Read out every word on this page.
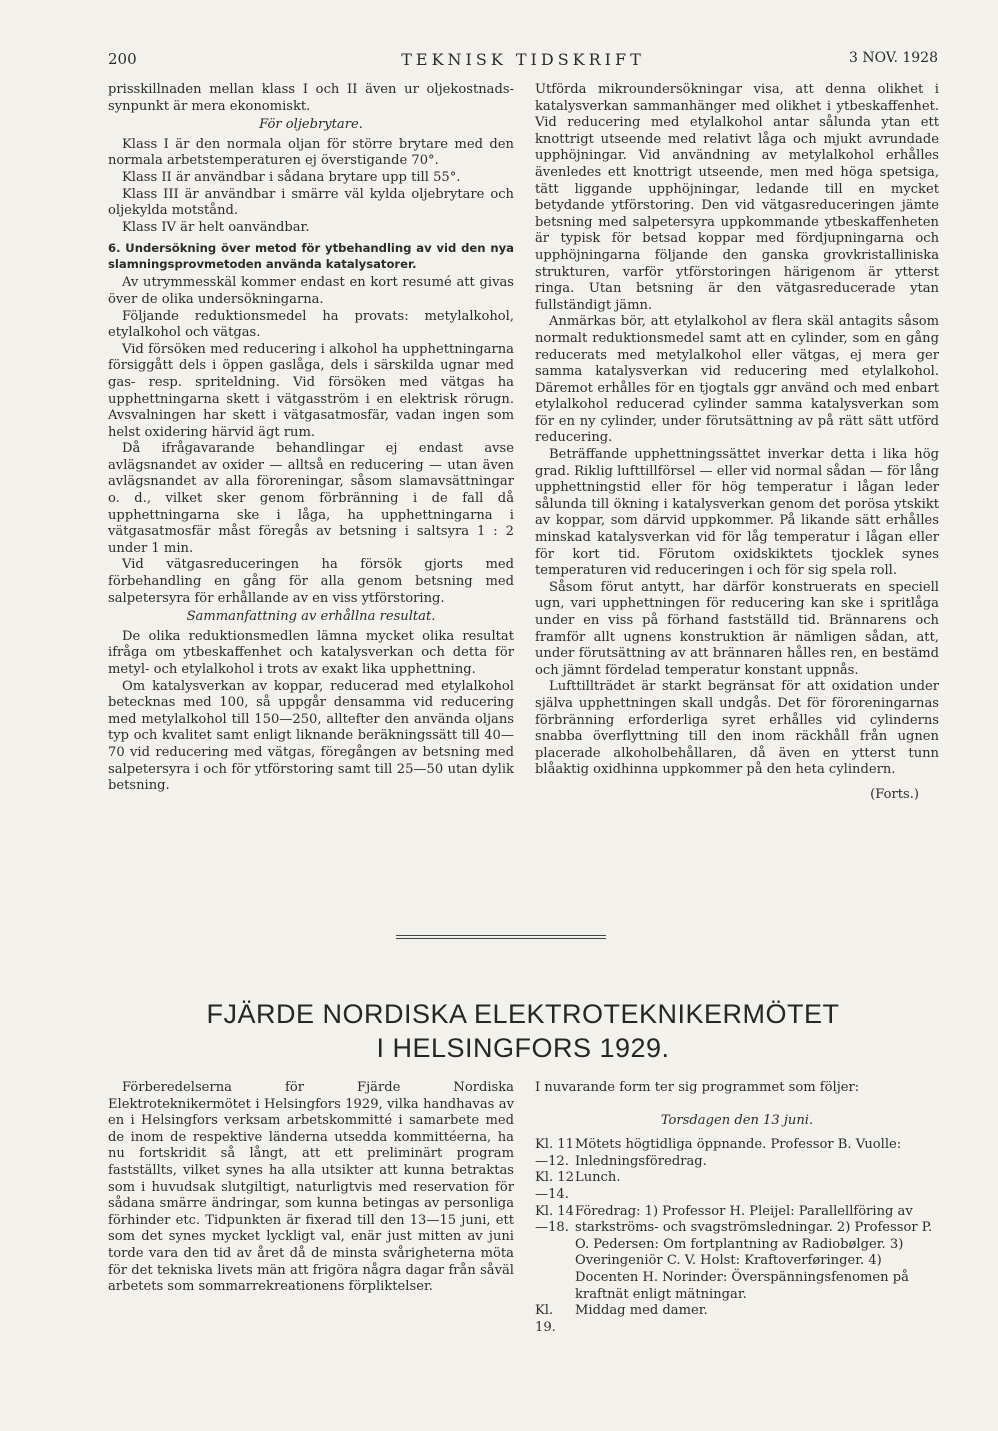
200	TEKNISK TIDSKRIFT	3 NOV. 1928

prisskillnaden mellan klass I och II även ur oljekostnads-synpunkt är mera ekonomiskt.

För oljebrytare.

Klass I är den normala oljan för större brytare med den normala arbetstemperaturen ej överstigande 70°.

Klass II är användbar i sådana brytare upp till 55°.

Klass III är användbar i smärre väl kylda oljebrytare och oljekylda motstånd.

Klass IV är helt oanvändbar.

6. Undersökning över metod för ytbehandling av vid den nya slamningsprovmetoden använda katalysatorer.

Av utrymmesskäl kommer endast en kort resumé att givas över de olika undersökningarna.

Följande reduktionsmedel ha provats: metylalkohol, etylalkohol och vätgas.

Vid försöken med reducering i alkohol ha upphettningarna försiggått dels i öppen gaslåga, dels i särskilda ugnar med gas- resp. spriteldning. Vid försöken med vätgas ha upphettningarna skett i vätgasström i en elektrisk rörugn. Avsvalningen har skett i vätgasatmosfär, vadan ingen som helst oxidering härvid ägt rum.

Då ifrågavarande behandlingar ej endast avse avlägsnandet av oxider — alltså en reducering — utan även avlägsnandet av alla föroreningar, såsom slamavsättningar o. d., vilket sker genom förbränning i de fall då upphettningarna ske i låga, ha upphettningarna i vätgasatmosfär måst föregås av betsning i saltsyra 1 : 2 under 1 min.

Vid vätgasreduceringen ha försök gjorts med förbehandling en gång för alla genom betsning med salpetersyra för erhållande av en viss ytförstoring.

Sammanfattning av erhållna resultat.

De olika reduktionsmedlen lämna mycket olika resultat ifråga om ytbeskaffenhet och katalysverkan och detta för metyl- och etylalkohol i trots av exakt lika upphettning.

Om katalysverkan av koppar, reducerad med etylalkohol betecknas med 100, så uppgår densamma vid reducering med metylalkohol till 150—250, alltefter den använda oljans typ och kvalitet samt enligt liknande beräkningssätt till 40—70 vid reducering med vätgas, föregången av betsning med salpetersyra i och för ytförstoring samt till 25—50 utan dylik betsning.

Utförda mikroundersökningar visa, att denna olikhet i katalysverkan sammanhänger med olikhet i ytbeskaffenhet. Vid reducering med etylalkohol antar sålunda ytan ett knottrigt utseende med relativt låga och mjukt avrundade upphöjningar. Vid användning av metylalkohol erhålles ävenledes ett knottrigt utseende, men med höga spetsiga, tätt liggande upphöjningar, ledande till en mycket betydande ytförstoring. Den vid vätgasreduceringen jämte betsning med salpetersyra uppkommande ytbeskaffenheten är typisk för betsad koppar med fördjupningarna och upphöjningarna följande den ganska grovkristalliniska strukturen, varför ytförstoringen härigenom är ytterst ringa. Utan betsning är den vätgasreducerade ytan fullständigt jämn.

Anmärkas bör, att etylalkohol av flera skäl antagits såsom normalt reduktionsmedel samt att en cylinder, som en gång reducerats med metylalkohol eller vätgas, ej mera ger samma katalysverkan vid reducering med etylalkohol. Däremot erhålles för en tjogtals ggr använd och med enbart etylalkohol reducerad cylinder samma katalysverkan som för en ny cylinder, under förutsättning av på rätt sätt utförd reducering.

Beträffande upphettningssättet inverkar detta i lika hög grad. Riklig lufttillförsel — eller vid normal sådan — för lång upphettningstid eller för hög temperatur i lågan leder sålunda till ökning i katalysverkan genom det porösa ytskikt av koppar, som därvid uppkommer. På likande sätt erhålles minskad katalysverkan vid för låg temperatur i lågan eller för kort tid. Förutom oxidskiktets tjocklek synes temperaturen vid reduceringen i och för sig spela roll.

Såsom förut antytt, har därför konstruerats en speciell ugn, vari upphettningen för reducering kan ske i spritlåga under en viss på förhand fastställd tid. Brännarens och framför allt ugnens konstruktion är nämligen sådan, att, under förutsättning av att brännaren hålles ren, en bestämd och jämnt fördelad temperatur konstant uppnås.

Lufttillträdet är starkt begränsat för att oxidation under själva upphettningen skall undgås. Det för föroreningarnas förbränning erforderliga syret erhålles vid cylinderns snabba överflyttning till den inom räckhåll från ugnen placerade alkoholbehållaren, då även en ytterst tunn blåaktig oxidhinna uppkommer på den heta cylindern.

(Forts.)

FJÄRDE NORDISKA ELEKTROTEKNIKERMÖTET
I HELSINGFORS 1929.

Förberedelserna för Fjärde Nordiska Elektroteknikermötet i Helsingfors 1929, vilka handhavas av en i Helsingfors verksam arbetskommitté i samarbete med de inom de respektive länderna utsedda kommittéerna, ha nu fortskridit så långt, att ett preliminärt program fastställts, vilket synes ha alla utsikter att kunna betraktas som i huvudsak slutgiltigt, naturligtvis med reservation för sådana smärre ändringar, som kunna betingas av personliga förhinder etc. Tidpunkten är fixerad till den 13—15 juni, ett som det synes mycket lyckligt val, enär just mitten av juni torde vara den tid av året då de minsta svårigheterna möta för det tekniska livets män att frigöra några dagar från såväl arbetets som sommarrekreationens förpliktelser.

I nuvarande form ter sig programmet som följer:

Torsdagen den 13 juni.

Kl. 11—12.
Mötets högtidliga öppnande. Professor B. Vuolle: Inledningsföredrag.
Kl. 12—14.
Lunch.
Kl. 14—18.
Föredrag: 1) Professor H. Pleijel: Parallellföring av starkströms- och svagströmsledningar. 2) Professor P. O. Pedersen: Om fortplantning av Radiobølger. 3) Overingeniör C. V. Holst: Kraftoverføringer. 4) Docenten H. Norinder: Överspänningsfenomen på kraftnät enligt mätningar.
Kl. 19.
Middag med damer.
